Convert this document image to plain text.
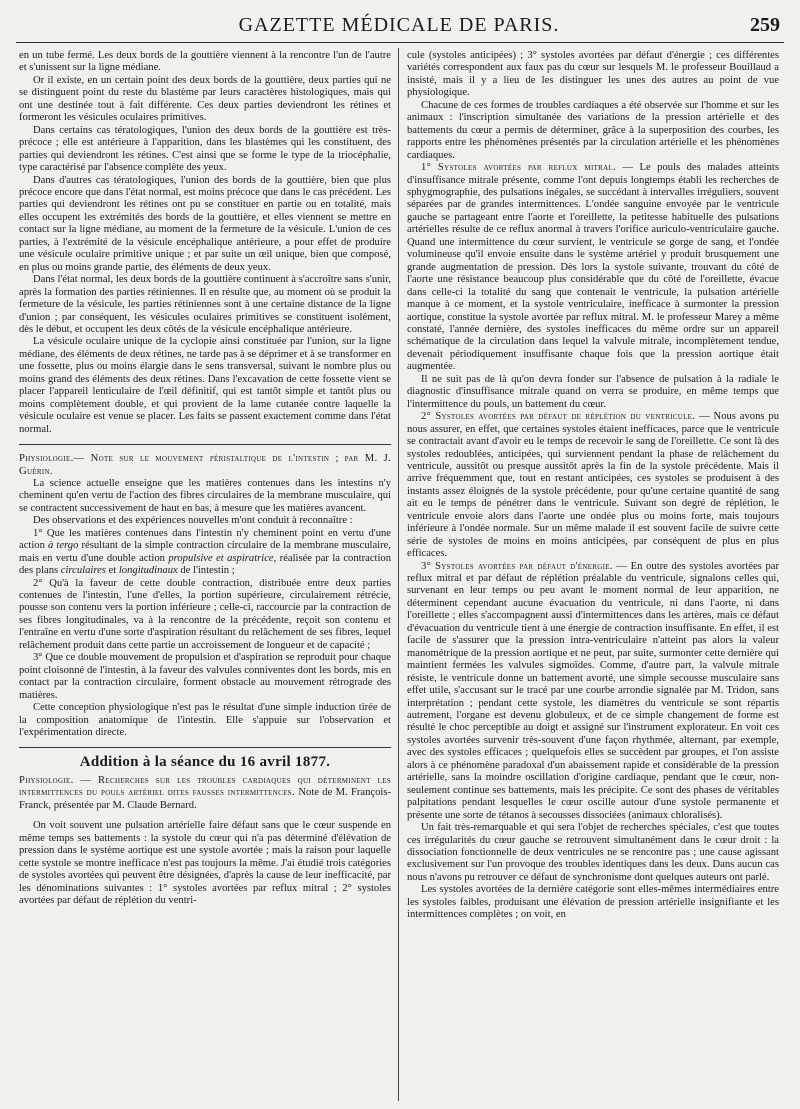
GAZETTE MÉDICALE DE PARIS.	259

en un tube fermé. Les deux bords de la gouttière viennent à la rencontre l'un de l'autre et s'unissent sur la ligne médiane.

Or il existe, en un certain point des deux bords de la gouttière, deux parties qui ne se distinguent point du reste du blastème par leurs caractères histologiques, mais qui ont une destinée tout à fait différente. Ces deux parties deviendront les rétines et formeront les vésicules oculaires primitives.

Dans certains cas tératologiques, l'union des deux bords de la gouttière est très-précoce ; elle est antérieure à l'apparition, dans les blastèmes qui les constituent, des parties qui deviendront les rétines. C'est ainsi que se forme le type de la triocéphalie, type caractérisé par l'absence complète des yeux.

Dans d'autres cas tératologiques, l'union des bords de la gouttière, bien que plus précoce encore que dans l'état normal, est moins précoce que dans le cas précédent. Les parties qui deviendront les rétines ont pu se constituer en partie ou en totalité, mais elles occupent les extrémités des bords de la gouttière, et elles viennent se mettre en contact sur la ligne médiane, au moment de la fermeture de la vésicule. L'union de ces parties, à l'extrémité de la vésicule encéphalique antérieure, a pour effet de produire une vésicule oculaire primitive unique ; et par suite un œil unique, bien que composé, en plus ou moins grande partie, des éléments de deux yeux.

Dans l'état normal, les deux bords de la gouttière continuent à s'accroître sans s'unir, après la formation des parties rétiniennes. Il en résulte que, au moment où se produit la fermeture de la vésicule, les parties rétiniennes sont à une certaine distance de la ligne d'union ; par conséquent, les vésicules oculaires primitives se constituent isolément, dès le début, et occupent les deux côtés de la vésicule encéphalique antérieure.

La vésicule oculaire unique de la cyclopie ainsi constituée par l'union, sur la ligne médiane, des éléments de deux rétines, ne tarde pas à se déprimer et à se transformer en une fossette, plus ou moins élargie dans le sens transversal, suivant le nombre plus ou moins grand des éléments des deux rétines. Dans l'excavation de cette fossette vient se placer l'appareil lenticulaire de l'œil définitif, qui est tantôt simple et tantôt plus ou moins complètement double, et qui provient de la lame cutanée contre laquelle la vésicule oculaire est venue se placer. Les faits se passent exactement comme dans l'état normal.

Physiologie.— Note sur le mouvement péristaltique de l'intestin ; par M. J. Guérin.

La science actuelle enseigne que les matières contenues dans les intestins n'y cheminent qu'en vertu de l'action des fibres circulaires de la membrane musculaire, qui se contractent successivement de haut en bas, à mesure que les matières avancent.

Des observations et des expériences nouvelles m'ont conduit à reconnaître :

1° Que les matières contenues dans l'intestin n'y cheminent point en vertu d'une action à tergo résultant de la simple contraction circulaire de la membrane musculaire, mais en vertu d'une double action propulsive et aspiratrice, réalisée par la contraction des plans circulaires et longitudinaux de l'intestin ;

2° Qu'à la faveur de cette double contraction, distribuée entre deux parties contenues de l'intestin, l'une d'elles, la portion supérieure, circulairement rétrécie, pousse son contenu vers la portion inférieure ; celle-ci, raccourcie par la contraction de ses fibres longitudinales, va à la rencontre de la précédente, reçoit son contenu et l'entraîne en vertu d'une sorte d'aspiration résultant du relâchement de ses fibres, lequel relâchement produit dans cette partie un accroissement de longueur et de capacité ;

3° Que ce double mouvement de propulsion et d'aspiration se reproduit pour chaque point cloisonné de l'intestin, à la faveur des valvules conniventes dont les bords, mis en contact par la contraction circulaire, forment obstacle au mouvement rétrograde des matières.

Cette conception physiologique n'est pas le résultat d'une simple induction tirée de la composition anatomique de l'intestin. Elle s'appuie sur l'observation et l'expérimentation directe.

Addition à la séance du 16 avril 1877.

Physiologie. — Recherches sur les troubles cardiaques qui déterminent les intermittences du pouls artériel dites fausses intermittences. Note de M. François-Franck, présentée par M. Claude Bernard.

On voit souvent une pulsation artérielle faire défaut sans que le cœur suspende en même temps ses battements : la systole du cœur qui n'a pas déterminé d'élévation de pression dans le système aortique est une systole avortée ; mais la raison pour laquelle cette systole se montre inefficace n'est pas toujours la même. J'ai étudié trois catégories de systoles avortées qui peuvent être désignées, d'après la cause de leur inefficacité, par les dénominations suivantes : 1° systoles avortées par reflux mitral ; 2° systoles avortées par défaut de réplétion du ventri-

cule (systoles anticipées) ; 3° systoles avortées par défaut d'énergie ; ces différentes variétés correspondent aux faux pas du cœur sur lesquels M. le professeur Bouillaud a insisté, mais il y a lieu de les distinguer les unes des autres au point de vue physiologique.

Chacune de ces formes de troubles cardiaques a été observée sur l'homme et sur les animaux : l'inscription simultanée des variations de la pression artérielle et des battements du cœur a permis de déterminer, grâce à la superposition des courbes, les rapports entre les phénomènes présentés par la circulation artérielle et les phénomènes cardiaques.

1° Systoles avortées par reflux mitral. — Le pouls des malades atteints d'insuffisance mitrale présente, comme l'ont depuis longtemps établi les recherches de sphygmographie, des pulsations inégales, se succédant à intervalles irréguliers, souvent séparées par de grandes intermittences. L'ondée sanguine envoyée par le ventricule gauche se partageant entre l'aorte et l'oreillette, la petitesse habituelle des pulsations artérielles résulte de ce reflux anormal à travers l'orifice auriculo-ventriculaire gauche. Quand une intermittence du cœur survient, le ventricule se gorge de sang, et l'ondée volumineuse qu'il envoie ensuite dans le système artériel y produit brusquement une grande augmentation de pression. Dès lors la systole suivante, trouvant du côté de l'aorte une résistance beaucoup plus considérable que du côté de l'oreillette, évacue dans celle-ci la totalité du sang que contenait le ventricule, la pulsation artérielle manque à ce moment, et la systole ventriculaire, inefficace à surmonter la pression aortique, constitue la systole avortée par reflux mitral. M. le professeur Marey a même constaté, l'année dernière, des systoles inefficaces du même ordre sur un appareil schématique de la circulation dans lequel la valvule mitrale, incomplètement tendue, devenait périodiquement insuffisante chaque fois que la pression aortique était augmentée.

Il ne suit pas de là qu'on devra fonder sur l'absence de pulsation à la radiale le diagnostic d'insuffisance mitrale quand on verra se produire, en même temps que l'intermittence du pouls, un battement du cœur.

2° Systoles avortées par défaut de réplétion du ventricule. — Nous avons pu nous assurer, en effet, que certaines systoles étaient inefficaces, parce que le ventricule se contractait avant d'avoir eu le temps de recevoir le sang de l'oreillette. Ce sont là des systoles redoublées, anticipées, qui surviennent pendant la phase de relâchement du ventricule, aussitôt ou presque aussitôt après la fin de la systole précédente. Mais il arrive fréquemment que, tout en restant anticipées, ces systoles se produisent à des instants assez éloignés de la systole précédente, pour qu'une certaine quantité de sang ait eu le temps de pénétrer dans le ventricule. Suivant son degré de réplétion, le ventricule envoie alors dans l'aorte une ondée plus ou moins forte, mais toujours inférieure à l'ondée normale. Sur un même malade il est souvent facile de suivre cette série de systoles de moins en moins anticipées, par conséquent de plus en plus efficaces.

3° Systoles avortées par défaut d'énergie. — En outre des systoles avortées par reflux mitral et par défaut de réplétion préalable du ventricule, signalons celles qui, survenant en leur temps ou peu avant le moment normal de leur apparition, ne déterminent cependant aucune évacuation du ventricule, ni dans l'aorte, ni dans l'oreillette ; elles s'accompagnent aussi d'intermittences dans les artères, mais ce défaut d'évacuation du ventricule tient à une énergie de contraction insuffisante. En effet, il est facile de s'assurer que la pression intra-ventriculaire n'atteint pas alors la valeur manométrique de la pression aortique et ne peut, par suite, surmonter cette dernière qui maintient fermées les valvules sigmoïdes. Comme, d'autre part, la valvule mitrale résiste, le ventricule donne un battement avorté, une simple secousse musculaire sans effet utile, s'accusant sur le tracé par une courbe arrondie signalée par M. Tridon, sans interprétation ; pendant cette systole, les diamètres du ventricule se sont répartis autrement, l'organe est devenu globuleux, et de ce simple changement de forme est résulté le choc perceptible au doigt et assigné sur l'instrument explorateur. En voit ces systoles avortées survenir très-souvent d'une façon rhythmée, alternant, par exemple, avec des systoles efficaces ; quelquefois elles se succèdent par groupes, et l'on assiste alors à ce phénomène paradoxal d'un abaissement rapide et considérable de la pression artérielle, sans la moindre oscillation d'origine cardiaque, pendant que le cœur, non-seulement continue ses battements, mais les précipite. Ce sont des phases de véritables palpitations pendant lesquelles le cœur oscille autour d'une systole permanente et présente une sorte de tétanos à secousses dissociées (animaux chloralisés).

Un fait très-remarquable et qui sera l'objet de recherches spéciales, c'est que toutes ces irrégularités du cœur gauche se retrouvent simultanément dans le cœur droit : la dissociation fonctionnelle de deux ventricules ne se rencontre pas ; une cause agissant exclusivement sur l'un provoque des troubles identiques dans les deux. Dans aucun cas nous n'avons pu retrouver ce défaut de synchronisme dont quelques auteurs ont parlé.

Les systoles avortées de la dernière catégorie sont elles-mêmes intermédiaires entre les systoles faibles, produisant une élévation de pression artérielle insignifiante et les intermittences complètes ; on voit, en
